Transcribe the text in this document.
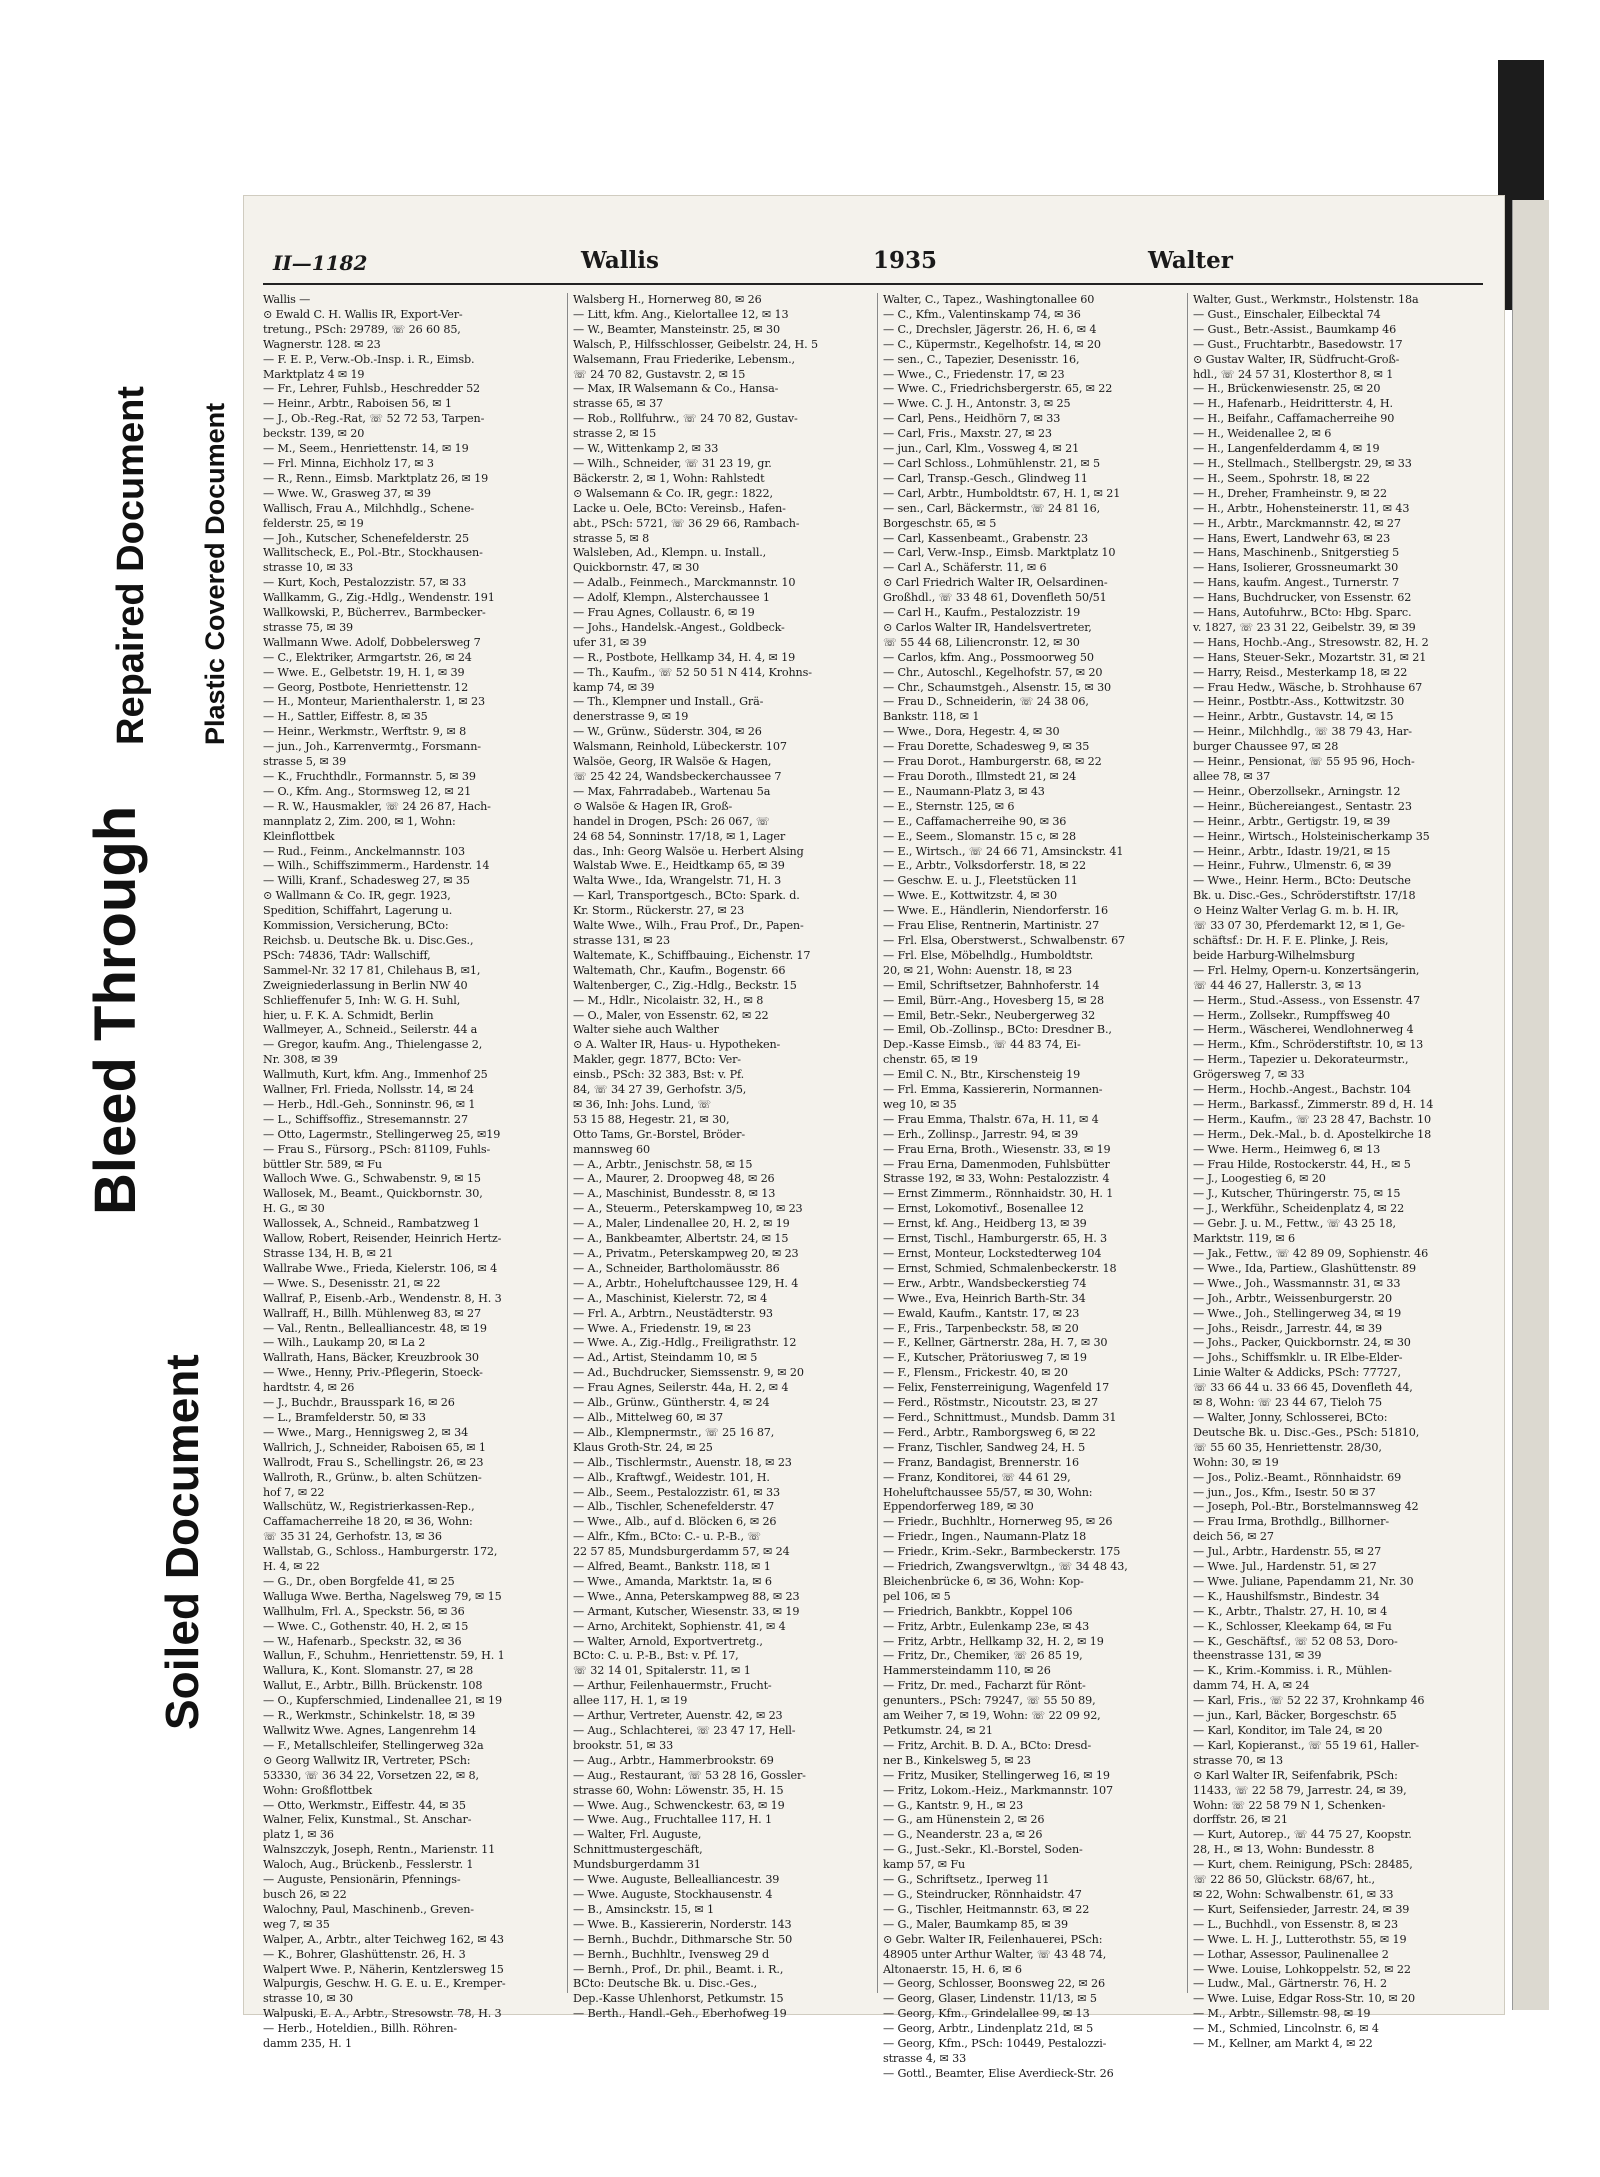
Repaired Document Plastic Covered Document
Bleed Through
Soiled Document
II—1182	Wallis	1935	Walter

Wallis —

⊙ Ewald C. H. Wallis IR, Export-Ver-

tretung., PSch: 29789, ☏ 26 60 85,

Wagnerstr. 128. ✉ 23

— F. E. P., Verw.-Ob.-Insp. i. R., Eimsb.

Marktplatz 4 ✉ 19

— Fr., Lehrer, Fuhlsb., Heschredder 52

— Heinr., Arbtr., Raboisen 56, ✉ 1

— J., Ob.-Reg.-Rat, ☏ 52 72 53, Tarpen-

beckstr. 139, ✉ 20

— M., Seem., Henriettenstr. 14, ✉ 19

— Frl. Minna, Eichholz 17, ✉ 3

— R., Renn., Eimsb. Marktplatz 26, ✉ 19

— Wwe. W., Grasweg 37, ✉ 39

Wallisch, Frau A., Milchhdlg., Schene-

felderstr. 25, ✉ 19

— Joh., Kutscher, Schenefelderstr. 25

Wallitscheck, E., Pol.-Btr., Stockhausen-

strasse 10, ✉ 33

— Kurt, Koch, Pestalozzistr. 57, ✉ 33

Wallkamm, G., Zig.-Hdlg., Wendenstr. 191

Wallkowski, P., Bücherrev., Barmbecker-

strasse 75, ✉ 39

Wallmann Wwe. Adolf, Dobbelersweg 7

— C., Elektriker, Armgartstr. 26, ✉ 24

— Wwe. E., Gelbetstr. 19, H. 1, ✉ 39

— Georg, Postbote, Henriettenstr. 12

— H., Monteur, Marienthalerstr. 1, ✉ 23

— H., Sattler, Eiffestr. 8, ✉ 35

— Heinr., Werkmstr., Werftstr. 9, ✉ 8

— jun., Joh., Karrenvermtg., Forsmann-

strasse 5, ✉ 39

— K., Fruchthdlr., Formannstr. 5, ✉ 39

— O., Kfm. Ang., Stormsweg 12, ✉ 21

— R. W., Hausmakler, ☏ 24 26 87, Hach-

mannplatz 2, Zim. 200, ✉ 1, Wohn:

Kleinflottbek

— Rud., Feinm., Anckelmannstr. 103

— Wilh., Schiffszimmerm., Hardenstr. 14

— Willi, Kranf., Schadesweg 27, ✉ 35

⊙ Wallmann & Co. IR, gegr. 1923,

Spedition, Schiffahrt, Lagerung u.

Kommission, Versicherung, BCto:

Reichsb. u. Deutsche Bk. u. Disc.Ges.,

PSch: 74836, TAdr: Wallschiff,

Sammel-Nr. 32 17 81, Chilehaus B, ✉1,

Zweigniederlassung in Berlin NW 40

Schlieffenufer 5, Inh: W. G. H. Suhl,

hier, u. F. K. A. Schmidt, Berlin

Wallmeyer, A., Schneid., Seilerstr. 44 a

— Gregor, kaufm. Ang., Thielengasse 2,

Nr. 308, ✉ 39

Wallmuth, Kurt, kfm. Ang., Immenhof 25

Wallner, Frl. Frieda, Nollsstr. 14, ✉ 24

— Herb., Hdl.-Geh., Sonninstr. 96, ✉ 1

— L., Schiffsoffiz., Stresemannstr. 27

— Otto, Lagermstr., Stellingerweg 25, ✉19

— Frau S., Fürsorg., PSch: 81109, Fuhls-

büttler Str. 589, ✉ Fu

Walloch Wwe. G., Schwabenstr. 9, ✉ 15

Wallosek, M., Beamt., Quickbornstr. 30,

H. G., ✉ 30

Wallossek, A., Schneid., Rambatzweg 1

Wallow, Robert, Reisender, Heinrich Hertz-

Strasse 134, H. B, ✉ 21

Wallrabe Wwe., Frieda, Kielerstr. 106, ✉ 4

— Wwe. S., Desenisstr. 21, ✉ 22

Wallraf, P., Eisenb.-Arb., Wendenstr. 8, H. 3

Wallraff, H., Billh. Mühlenweg 83, ✉ 27

— Val., Rentn., Bellealliancestr. 48, ✉ 19

— Wilh., Laukamp 20, ✉ La 2

Wallrath, Hans, Bäcker, Kreuzbrook 30

— Wwe., Henny, Priv.-Pflegerin, Stoeck-

hardtstr. 4, ✉ 26

— J., Buchdr., Brausspark 16, ✉ 26

— L., Bramfelderstr. 50, ✉ 33

— Wwe., Marg., Hennigsweg 2, ✉ 34

Wallrich, J., Schneider, Raboisen 65, ✉ 1

Wallrodt, Frau S., Schellingstr. 26, ✉ 23

Wallroth, R., Grünw., b. alten Schützen-

hof 7, ✉ 22

Wallschütz, W., Registrierkassen-Rep.,

Caffamacherreihe 18 20, ✉ 36, Wohn:

☏ 35 31 24, Gerhofstr. 13, ✉ 36

Wallstab, G., Schloss., Hamburgerstr. 172,

H. 4, ✉ 22

— G., Dr., oben Borgfelde 41, ✉ 25

Walluga Wwe. Bertha, Nagelsweg 79, ✉ 15

Wallhulm, Frl. A., Speckstr. 56, ✉ 36

— Wwe. C., Gothenstr. 40, H. 2, ✉ 15

— W., Hafenarb., Speckstr. 32, ✉ 36

Wallun, F., Schuhm., Henriettenstr. 59, H. 1

Wallura, K., Kont. Slomanstr. 27, ✉ 28

Wallut, E., Arbtr., Billh. Brückenstr. 108

— O., Kupferschmied, Lindenallee 21, ✉ 19

— R., Werkmstr., Schinkelstr. 18, ✉ 39

Wallwitz Wwe. Agnes, Langenrehm 14

— F., Metallschleifer, Stellingerweg 32a

⊙ Georg Wallwitz IR, Vertreter, PSch:

53330, ☏ 36 34 22, Vorsetzen 22, ✉ 8,

Wohn: Großflottbek

— Otto, Werkmstr., Eiffestr. 44, ✉ 35

Walner, Felix, Kunstmal., St. Anschar-

platz 1, ✉ 36

Walnszczyk, Joseph, Rentn., Marienstr. 11

Waloch, Aug., Brückenb., Fesslerstr. 1

— Auguste, Pensionärin, Pfennings-

busch 26, ✉ 22

Walochny, Paul, Maschinenb., Greven-

weg 7, ✉ 35

Walper, A., Arbtr., alter Teichweg 162, ✉ 43

— K., Bohrer, Glashüttenstr. 26, H. 3

Walpert Wwe. P., Näherin, Kentzlersweg 15

Walpurgis, Geschw. H. G. E. u. E., Kremper-

strasse 10, ✉ 30

Walpuski, E. A., Arbtr., Stresowstr. 78, H. 3

— Herb., Hoteldien., Billh. Röhren-

damm 235, H. 1

Walsberg H., Hornerweg 80, ✉ 26

— Litt, kfm. Ang., Kielortallee 12, ✉ 13

— W., Beamter, Mansteinstr. 25, ✉ 30

Walsch, P., Hilfsschlosser, Geibelstr. 24, H. 5

Walsemann, Frau Friederike, Lebensm.,

☏ 24 70 82, Gustavstr. 2, ✉ 15

— Max, IR Walsemann & Co., Hansa-

strasse 65, ✉ 37

— Rob., Rollfuhrw., ☏ 24 70 82, Gustav-

strasse 2, ✉ 15

— W., Wittenkamp 2, ✉ 33

— Wilh., Schneider, ☏ 31 23 19, gr.

Bäckerstr. 2, ✉ 1, Wohn: Rahlstedt

⊙ Walsemann & Co. IR, gegr.: 1822,

Lacke u. Oele, BCto: Vereinsb., Hafen-

abt., PSch: 5721, ☏ 36 29 66, Rambach-

strasse 5, ✉ 8

Walsleben, Ad., Klempn. u. Install.,

Quickbornstr. 47, ✉ 30

— Adalb., Feinmech., Marckmannstr. 10

— Adolf, Klempn., Alsterchaussee 1

— Frau Agnes, Collaustr. 6, ✉ 19

— Johs., Handelsk.-Angest., Goldbeck-

ufer 31, ✉ 39

— R., Postbote, Hellkamp 34, H. 4, ✉ 19

— Th., Kaufm., ☏ 52 50 51 N 414, Krohns-

kamp 74, ✉ 39

— Th., Klempner und Install., Grä-

denerstrasse 9, ✉ 19

— W., Grünw., Süderstr. 304, ✉ 26

Walsmann, Reinhold, Lübeckerstr. 107

Walsöe, Georg, IR Walsöe & Hagen,

☏ 25 42 24, Wandsbeckerchaussee 7

— Max, Fahrradabeb., Wartenau 5a

⊙ Walsöe & Hagen IR, Groß-

handel in Drogen, PSch: 26 067, ☏

24 68 54, Sonninstr. 17/18, ✉ 1, Lager

das., Inh: Georg Walsöe u. Herbert Alsing

Walstab Wwe. E., Heidtkamp 65, ✉ 39

Walta Wwe., Ida, Wrangelstr. 71, H. 3

— Karl, Transportgesch., BCto: Spark. d.

Kr. Storm., Rückerstr. 27, ✉ 23

Walte Wwe., Wilh., Frau Prof., Dr., Papen-

strasse 131, ✉ 23

Waltemate, K., Schiffbauing., Eichenstr. 17

Waltemath, Chr., Kaufm., Bogenstr. 66

Waltenberger, C., Zig.-Hdlg., Beckstr. 15

— M., Hdlr., Nicolaistr. 32, H., ✉ 8

— O., Maler, von Essenstr. 62, ✉ 22

Walter siehe auch Walther

⊙ A. Walter IR, Haus- u. Hypotheken-

Makler, gegr. 1877, BCto: Ver-

einsb., PSch: 32 383, Bst: v. Pf.

84, ☏ 34 27 39, Gerhofstr. 3/5,

✉ 36, Inh: Johs. Lund, ☏

53 15 88, Hegestr. 21, ✉ 30,

Otto Tams, Gr.-Borstel, Bröder-

mannsweg 60

— A., Arbtr., Jenischstr. 58, ✉ 15

— A., Maurer, 2. Droopweg 48, ✉ 26

— A., Maschinist, Bundesstr. 8, ✉ 13

— A., Steuerm., Peterskampweg 10, ✉ 23

— A., Maler, Lindenallee 20, H. 2, ✉ 19

— A., Bankbeamter, Albertstr. 24, ✉ 15

— A., Privatm., Peterskampweg 20, ✉ 23

— A., Schneider, Bartholomäusstr. 86

— A., Arbtr., Hoheluftchaussee 129, H. 4

— A., Maschinist, Kielerstr. 72, ✉ 4

— Frl. A., Arbtrn., Neustädterstr. 93

— Wwe. A., Friedenstr. 19, ✉ 23

— Wwe. A., Zig.-Hdlg., Freiligrathstr. 12

— Ad., Artist, Steindamm 10, ✉ 5

— Ad., Buchdrucker, Siemssenstr. 9, ✉ 20

— Frau Agnes, Seilerstr. 44a, H. 2, ✉ 4

— Alb., Grünw., Güntherstr. 4, ✉ 24

— Alb., Mittelweg 60, ✉ 37

— Alb., Klempnermstr., ☏ 25 16 87,

Klaus Groth-Str. 24, ✉ 25

— Alb., Tischlermstr., Auenstr. 18, ✉ 23

— Alb., Kraftwgf., Weidestr. 101, H.

— Alb., Seem., Pestalozzistr. 61, ✉ 33

— Alb., Tischler, Schenefelderstr. 47

— Wwe., Alb., auf d. Blöcken 6, ✉ 26

— Alfr., Kfm., BCto: C.- u. P.-B., ☏

22 57 85, Mundsburgerdamm 57, ✉ 24

— Alfred, Beamt., Bankstr. 118, ✉ 1

— Wwe., Amanda, Marktstr. 1a, ✉ 6

— Wwe., Anna, Peterskampweg 88, ✉ 23

— Armant, Kutscher, Wiesenstr. 33, ✉ 19

— Arno, Architekt, Sophienstr. 41, ✉ 4

— Walter, Arnold, Exportvertretg.,

BCto: C. u. P.-B., Bst: v. Pf. 17,

☏ 32 14 01, Spitalerstr. 11, ✉ 1

— Arthur, Feilenhauermstr., Frucht-

allee 117, H. 1, ✉ 19

— Arthur, Vertreter, Auenstr. 42, ✉ 23

— Aug., Schlachterei, ☏ 23 47 17, Hell-

brookstr. 51, ✉ 33

— Aug., Arbtr., Hammerbrookstr. 69

— Aug., Restaurant, ☏ 53 28 16, Gossler-

strasse 60, Wohn: Löwenstr. 35, H. 15

— Wwe. Aug., Schwenckestr. 63, ✉ 19

— Wwe. Aug., Fruchtallee 117, H. 1

— Walter, Frl. Auguste,

Schnittmustergeschäft,

Mundsburgerdamm 31

— Wwe. Auguste, Bellealliancestr. 39

— Wwe. Auguste, Stockhausenstr. 4

— B., Amsinckstr. 15, ✉ 1

— Wwe. B., Kassiererin, Norderstr. 143

— Bernh., Buchdr., Dithmarsche Str. 50

— Bernh., Buchhltr., Ivensweg 29 d

— Bernh., Prof., Dr. phil., Beamt. i. R.,

BCto: Deutsche Bk. u. Disc.-Ges.,

Dep.-Kasse Uhlenhorst, Petkumstr. 15

— Berth., Handl.-Geh., Eberhofweg 19

Walter, C., Tapez., Washingtonallee 60

— C., Kfm., Valentinskamp 74, ✉ 36

— C., Drechsler, Jägerstr. 26, H. 6, ✉ 4

— C., Küpermstr., Kegelhofstr. 14, ✉ 20

— sen., C., Tapezier, Desenisstr. 16,

— Wwe., C., Friedenstr. 17, ✉ 23

— Wwe. C., Friedrichsbergerstr. 65, ✉ 22

— Wwe. C. J. H., Antonstr. 3, ✉ 25

— Carl, Pens., Heidhörn 7, ✉ 33

— Carl, Fris., Maxstr. 27, ✉ 23

— jun., Carl, Klm., Vossweg 4, ✉ 21

— Carl Schloss., Lohmühlenstr. 21, ✉ 5

— Carl, Transp.-Gesch., Glindweg 11

— Carl, Arbtr., Humboldtstr. 67, H. 1, ✉ 21

— sen., Carl, Bäckermstr., ☏ 24 81 16,

Borgeschstr. 65, ✉ 5

— Carl, Kassenbeamt., Grabenstr. 23

— Carl, Verw.-Insp., Eimsb. Marktplatz 10

— Carl A., Schäferstr. 11, ✉ 6

⊙ Carl Friedrich Walter IR, Oelsardinen-

Großhdl., ☏ 33 48 61, Dovenfleth 50/51

— Carl H., Kaufm., Pestalozzistr. 19

⊙ Carlos Walter IR, Handelsvertreter,

☏ 55 44 68, Liliencronstr. 12, ✉ 30

— Carlos, kfm. Ang., Possmoorweg 50

— Chr., Autoschl., Kegelhofstr. 57, ✉ 20

— Chr., Schaumstgeh., Alsenstr. 15, ✉ 30

— Frau D., Schneiderin, ☏ 24 38 06,

Bankstr. 118, ✉ 1

— Wwe., Dora, Hegestr. 4, ✉ 30

— Frau Dorette, Schadesweg 9, ✉ 35

— Frau Dorot., Hamburgerstr. 68, ✉ 22

— Frau Doroth., Illmstedt 21, ✉ 24

— E., Naumann-Platz 3, ✉ 43

— E., Sternstr. 125, ✉ 6

— E., Caffamacherreihe 90, ✉ 36

— E., Seem., Slomanstr. 15 c, ✉ 28

— E., Wirtsch., ☏ 24 66 71, Amsinckstr. 41

— E., Arbtr., Volksdorferstr. 18, ✉ 22

— Geschw. E. u. J., Fleetstücken 11

— Wwe. E., Kottwitzstr. 4, ✉ 30

— Wwe. E., Händlerin, Niendorferstr. 16

— Frau Elise, Rentnerin, Martinistr. 27

— Frl. Elsa, Oberstwerst., Schwalbenstr. 67

— Frl. Else, Möbelhdlg., Humboldtstr.

20, ✉ 21, Wohn: Auenstr. 18, ✉ 23

— Emil, Schriftsetzer, Bahnhoferstr. 14

— Emil, Bürr.-Ang., Hovesberg 15, ✉ 28

— Emil, Betr.-Sekr., Neubergerweg 32

— Emil, Ob.-Zollinsp., BCto: Dresdner B.,

Dep.-Kasse Eimsb., ☏ 44 83 74, Ei-

chenstr. 65, ✉ 19

— Emil C. N., Btr., Kirschensteig 19

— Frl. Emma, Kassiererin, Normannen-

weg 10, ✉ 35

— Frau Emma, Thalstr. 67a, H. 11, ✉ 4

— Erh., Zollinsp., Jarrestr. 94, ✉ 39

— Frau Erna, Broth., Wiesenstr. 33, ✉ 19

— Frau Erna, Damenmoden, Fuhlsbütter

Strasse 192, ✉ 33, Wohn: Pestalozzistr. 4

— Ernst Zimmerm., Rönnhaidstr. 30, H. 1

— Ernst, Lokomotivf., Bosenallee 12

— Ernst, kf. Ang., Heidberg 13, ✉ 39

— Ernst, Tischl., Hamburgerstr. 65, H. 3

— Ernst, Monteur, Lockstedterweg 104

— Ernst, Schmied, Schmalenbeckerstr. 18

— Erw., Arbtr., Wandsbeckerstieg 74

— Wwe., Eva, Heinrich Barth-Str. 34

— Ewald, Kaufm., Kantstr. 17, ✉ 23

— F., Fris., Tarpenbeckstr. 58, ✉ 20

— F., Kellner, Gärtnerstr. 28a, H. 7, ✉ 30

— F., Kutscher, Prätoriusweg 7, ✉ 19

— F., Flensm., Frickestr. 40, ✉ 20

— Felix, Fensterreinigung, Wagenfeld 17

— Ferd., Röstmstr., Nicoutstr. 23, ✉ 27

— Ferd., Schnittmust., Mundsb. Damm 31

— Ferd., Arbtr., Ramborgsweg 6, ✉ 22

— Franz, Tischler, Sandweg 24, H. 5

— Franz, Bandagist, Brennerstr. 16

— Franz, Konditorei, ☏ 44 61 29,

Hoheluftchaussee 55/57, ✉ 30, Wohn:

Eppendorferweg 189, ✉ 30

— Friedr., Buchhltr., Hornerweg 95, ✉ 26

— Friedr., Ingen., Naumann-Platz 18

— Friedr., Krim.-Sekr., Barmbeckerstr. 175

— Friedrich, Zwangsverwltgn., ☏ 34 48 43,

Bleichenbrücke 6, ✉ 36, Wohn: Kop-

pel 106, ✉ 5

— Friedrich, Bankbtr., Koppel 106

— Fritz, Arbtr., Eulenkamp 23e, ✉ 43

— Fritz, Arbtr., Hellkamp 32, H. 2, ✉ 19

— Fritz, Dr., Chemiker, ☏ 26 85 19,

Hammersteindamm 110, ✉ 26

— Fritz, Dr. med., Facharzt für Rönt-

genunters., PSch: 79247, ☏ 55 50 89,

am Weiher 7, ✉ 19, Wohn: ☏ 22 09 92,

Petkumstr. 24, ✉ 21

— Fritz, Archit. B. D. A., BCto: Dresd-

ner B., Kinkelsweg 5, ✉ 23

— Fritz, Musiker, Stellingerweg 16, ✉ 19

— Fritz, Lokom.-Heiz., Markmannstr. 107

— G., Kantstr. 9, H., ✉ 23

— G., am Hünenstein 2, ✉ 26

— G., Neanderstr. 23 a, ✉ 26

— G., Just.-Sekr., Kl.-Borstel, Soden-

kamp 57, ✉ Fu

— G., Schriftsetz., Iperweg 11

— G., Steindrucker, Rönnhaidstr. 47

— G., Tischler, Heitmannstr. 63, ✉ 22

— G., Maler, Baumkamp 85, ✉ 39

⊙ Gebr. Walter IR, Feilenhauerei, PSch:

48905 unter Arthur Walter, ☏ 43 48 74,

Altonaerstr. 15, H. 6, ✉ 6

— Georg, Schlosser, Boonsweg 22, ✉ 26

— Georg, Glaser, Lindenstr. 11/13, ✉ 5

— Georg, Kfm., Grindelallee 99, ✉ 13

— Georg, Arbtr., Lindenplatz 21d, ✉ 5

— Georg, Kfm., PSch: 10449, Pestalozzi-

strasse 4, ✉ 33

— Gottl., Beamter, Elise Averdieck-Str. 26

Walter, Gust., Werkmstr., Holstenstr. 18a

— Gust., Einschaler, Eilbecktal 74

— Gust., Betr.-Assist., Baumkamp 46

— Gust., Fruchtarbtr., Basedowstr. 17

⊙ Gustav Walter, IR, Südfrucht-Groß-

hdl., ☏ 24 57 31, Klosterthor 8, ✉ 1

— H., Brückenwiesenstr. 25, ✉ 20

— H., Hafenarb., Heidritterstr. 4, H.

— H., Beifahr., Caffamacherreihe 90

— H., Weidenallee 2, ✉ 6

— H., Langenfelderdamm 4, ✉ 19

— H., Stellmach., Stellbergstr. 29, ✉ 33

— H., Seem., Spohrstr. 18, ✉ 22

— H., Dreher, Framheinstr. 9, ✉ 22

— H., Arbtr., Hohensteinerstr. 11, ✉ 43

— H., Arbtr., Marckmannstr. 42, ✉ 27

— Hans, Ewert, Landwehr 63, ✉ 23

— Hans, Maschinenb., Snitgerstieg 5

— Hans, Isolierer, Grossneumarkt 30

— Hans, kaufm. Angest., Turnerstr. 7

— Hans, Buchdrucker, von Essenstr. 62

— Hans, Autofuhrw., BCto: Hbg. Sparc.

v. 1827, ☏ 23 31 22, Geibelstr. 39, ✉ 39

— Hans, Hochb.-Ang., Stresowstr. 82, H. 2

— Hans, Steuer-Sekr., Mozartstr. 31, ✉ 21

— Harry, Reisd., Mesterkamp 18, ✉ 22

— Frau Hedw., Wäsche, b. Strohhause 67

— Heinr., Postbtr.-Ass., Kottwitzstr. 30

— Heinr., Arbtr., Gustavstr. 14, ✉ 15

— Heinr., Milchhdlg., ☏ 38 79 43, Har-

burger Chaussee 97, ✉ 28

— Heinr., Pensionat, ☏ 55 95 96, Hoch-

allee 78, ✉ 37

— Heinr., Oberzollsekr., Arningstr. 12

— Heinr., Büchereiangest., Sentastr. 23

— Heinr., Arbtr., Gertigstr. 19, ✉ 39

— Heinr., Wirtsch., Holsteinischerkamp 35

— Heinr., Arbtr., Idastr. 19/21, ✉ 15

— Heinr., Fuhrw., Ulmenstr. 6, ✉ 39

— Wwe., Heinr. Herm., BCto: Deutsche

Bk. u. Disc.-Ges., Schröderstiftstr. 17/18

⊙ Heinz Walter Verlag G. m. b. H. IR,

☏ 33 07 30, Pferdemarkt 12, ✉ 1, Ge-

schäftsf.: Dr. H. F. E. Plinke, J. Reis,

beide Harburg-Wilhelmsburg

— Frl. Helmy, Opern-u. Konzertsängerin,

☏ 44 46 27, Hallerstr. 3, ✉ 13

— Herm., Stud.-Assess., von Essenstr. 47

— Herm., Zollsekr., Rumpffsweg 40

— Herm., Wäscherei, Wendlohnerweg 4

— Herm., Kfm., Schröderstiftstr. 10, ✉ 13

— Herm., Tapezier u. Dekorateurmstr.,

Grögersweg 7, ✉ 33

— Herm., Hochb.-Angest., Bachstr. 104

— Herm., Barkassf., Zimmerstr. 89 d, H. 14

— Herm., Kaufm., ☏ 23 28 47, Bachstr. 10

— Herm., Dek.-Mal., b. d. Apostelkirche 18

— Wwe. Herm., Heimweg 6, ✉ 13

— Frau Hilde, Rostockerstr. 44, H., ✉ 5

— J., Loogestieg 6, ✉ 20

— J., Kutscher, Thüringerstr. 75, ✉ 15

— J., Werkführ., Scheidenplatz 4, ✉ 22

— Gebr. J. u. M., Fettw., ☏ 43 25 18,

Marktstr. 119, ✉ 6

— Jak., Fettw., ☏ 42 89 09, Sophienstr. 46

— Wwe., Ida, Partiew., Glashüttenstr. 89

— Wwe., Joh., Wassmannstr. 31, ✉ 33

— Joh., Arbtr., Weissenburgerstr. 20

— Wwe., Joh., Stellingerweg 34, ✉ 19

— Johs., Reisdr., Jarrestr. 44, ✉ 39

— Johs., Packer, Quickbornstr. 24, ✉ 30

— Johs., Schiffsmklr. u. IR Elbe-Elder-

Linie Walter & Addicks, PSch: 77727,

☏ 33 66 44 u. 33 66 45, Dovenfleth 44,

✉ 8, Wohn: ☏ 23 44 67, Tieloh 75

— Walter, Jonny, Schlosserei, BCto:

Deutsche Bk. u. Disc.-Ges., PSch: 51810,

☏ 55 60 35, Henriettenstr. 28/30,

Wohn: 30, ✉ 19

— Jos., Poliz.-Beamt., Rönnhaidstr. 69

— jun., Jos., Kfm., Isestr. 50 ✉ 37

— Joseph, Pol.-Btr., Borstelmannsweg 42

— Frau Irma, Brothdlg., Billhorner-

deich 56, ✉ 27

— Jul., Arbtr., Hardenstr. 55, ✉ 27

— Wwe. Jul., Hardenstr. 51, ✉ 27

— Wwe. Juliane, Papendamm 21, Nr. 30

— K., Haushilfsmstr., Bindestr. 34

— K., Arbtr., Thalstr. 27, H. 10, ✉ 4

— K., Schlosser, Kleekamp 64, ✉ Fu

— K., Geschäftsf., ☏ 52 08 53, Doro-

theenstrasse 131, ✉ 39

— K., Krim.-Kommiss. i. R., Mühlen-

damm 74, H. A, ✉ 24

— Karl, Fris., ☏ 52 22 37, Krohnkamp 46

— jun., Karl, Bäcker, Borgeschstr. 65

— Karl, Konditor, im Tale 24, ✉ 20

— Karl, Kopieranst., ☏ 55 19 61, Haller-

strasse 70, ✉ 13

⊙ Karl Walter IR, Seifenfabrik, PSch:

11433, ☏ 22 58 79, Jarrestr. 24, ✉ 39,

Wohn: ☏ 22 58 79 N 1, Schenken-

dorffstr. 26, ✉ 21

— Kurt, Autorep., ☏ 44 75 27, Koopstr.

28, H., ✉ 13, Wohn: Bundesstr. 8

— Kurt, chem. Reinigung, PSch: 28485,

☏ 22 86 50, Glückstr. 68/67, ht.,

✉ 22, Wohn: Schwalbenstr. 61, ✉ 33

— Kurt, Seifensieder, Jarrestr. 24, ✉ 39

— L., Buchhdl., von Essenstr. 8, ✉ 23

— Wwe. L. H. J., Lutterothstr. 55, ✉ 19

— Lothar, Assessor, Paulinenallee 2

— Wwe. Louise, Lohkoppelstr. 52, ✉ 22

— Ludw., Mal., Gärtnerstr. 76, H. 2

— Wwe. Luise, Edgar Ross-Str. 10, ✉ 20

— M., Arbtr., Sillemstr. 98, ✉ 19

— M., Schmied, Lincolnstr. 6, ✉ 4

— M., Kellner, am Markt 4, ✉ 22
